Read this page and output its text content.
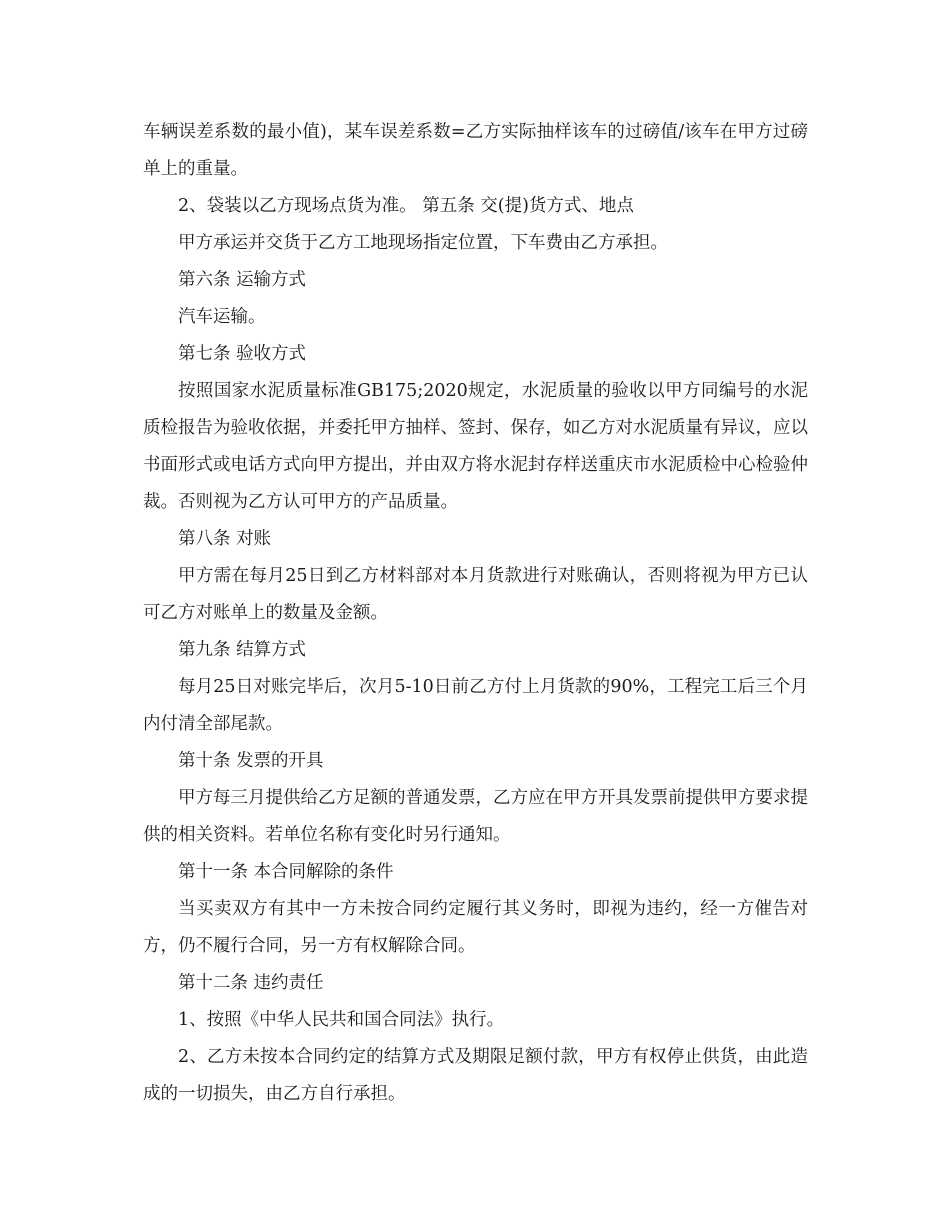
车辆误差系数的最小值)，某车误差系数=乙方实际抽样该车的过磅值/该车在甲方过磅单上的重量。

2、袋装以乙方现场点货为准。 第五条 交(提)货方式、地点

甲方承运并交货于乙方工地现场指定位置，下车费由乙方承担。

第六条 运输方式

汽车运输。

第七条 验收方式

按照国家水泥质量标准GB175;2020规定，水泥质量的验收以甲方同编号的水泥质检报告为验收依据，并委托甲方抽样、签封、保存，如乙方对水泥质量有异议，应以书面形式或电话方式向甲方提出，并由双方将水泥封存样送重庆市水泥质检中心检验仲裁。否则视为乙方认可甲方的产品质量。

第八条 对账

甲方需在每月25日到乙方材料部对本月货款进行对账确认，否则将视为甲方已认可乙方对账单上的数量及金额。

第九条 结算方式

每月25日对账完毕后，次月5-10日前乙方付上月货款的90%，工程完工后三个月内付清全部尾款。

第十条 发票的开具

甲方每三月提供给乙方足额的普通发票，乙方应在甲方开具发票前提供甲方要求提供的相关资料。若单位名称有变化时另行通知。

第十一条 本合同解除的条件

当买卖双方有其中一方未按合同约定履行其义务时，即视为违约，经一方催告对方，仍不履行合同，另一方有权解除合同。

第十二条 违约责任

1、按照《中华人民共和国合同法》执行。

2、乙方未按本合同约定的结算方式及期限足额付款，甲方有权停止供货，由此造成的一切损失，由乙方自行承担。
